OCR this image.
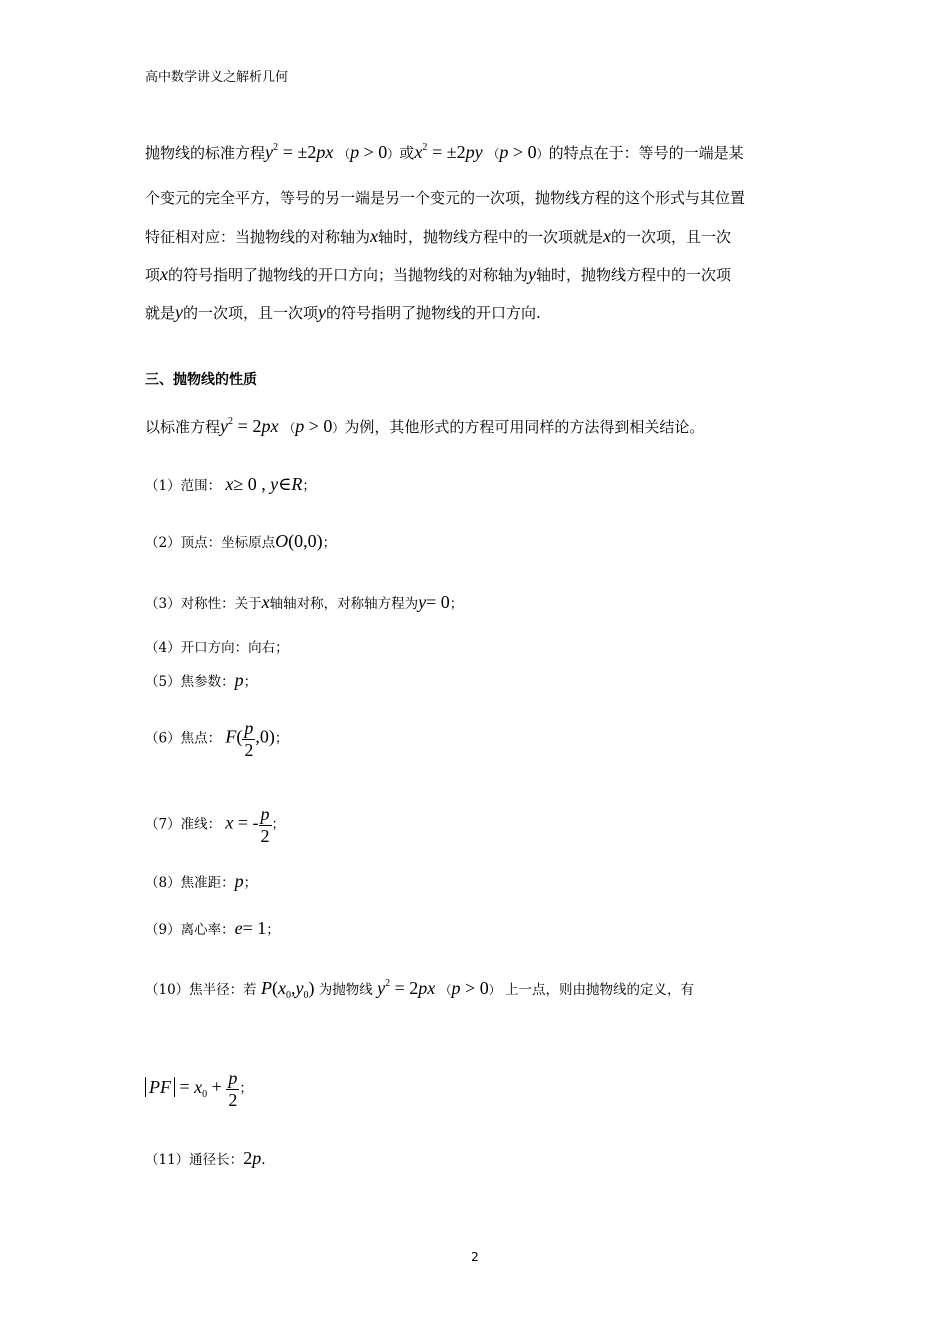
高中数学讲义之解析几何
抛物线的标准方程$y^2 = \pm 2px$ （p > 0）或$x^2 = \pm 2py$ （p > 0）的特点在于：等号的一端是某
个变元的完全平方，等号的另一端是另一个变元的一次项，抛物线方程的这个形式与其位置
特征相对应：当抛物线的对称轴为x轴时，抛物线方程中的一次项就是x的一次项，且一次
项x的符号指明了抛物线的开口方向；当抛物线的对称轴为y轴时，抛物线方程中的一次项
就是y的一次项，且一次项y的符号指明了抛物线的开口方向.
三、抛物线的性质
以标准方程$y^2 = 2px$ （p > 0）为例，其他形式的方程可用同样的方法得到相关结论。
（1）范围： x≥ 0 , y∈R；
（2）顶点：坐标原点O(0,0)；
（3）对称性：关于x轴轴对称，对称轴方程为y= 0；
（4）开口方向：向右；
（5）焦参数：p；
（6）焦点： $F( \frac{p}{2} ,0)$；
（7）准线： x = - $\frac{p}{2}$ ；
（8）焦准距：p；
（9）离心率：e= 1；
（10）焦半径：若 $P(x_0,y_0)$ 为抛物线 $y^2 = 2px$ （p > 0） 上一点，则由抛物线的定义，有
PF = $x_0 + \frac{p}{2}$ ；
（11）通径长：2p.
2
